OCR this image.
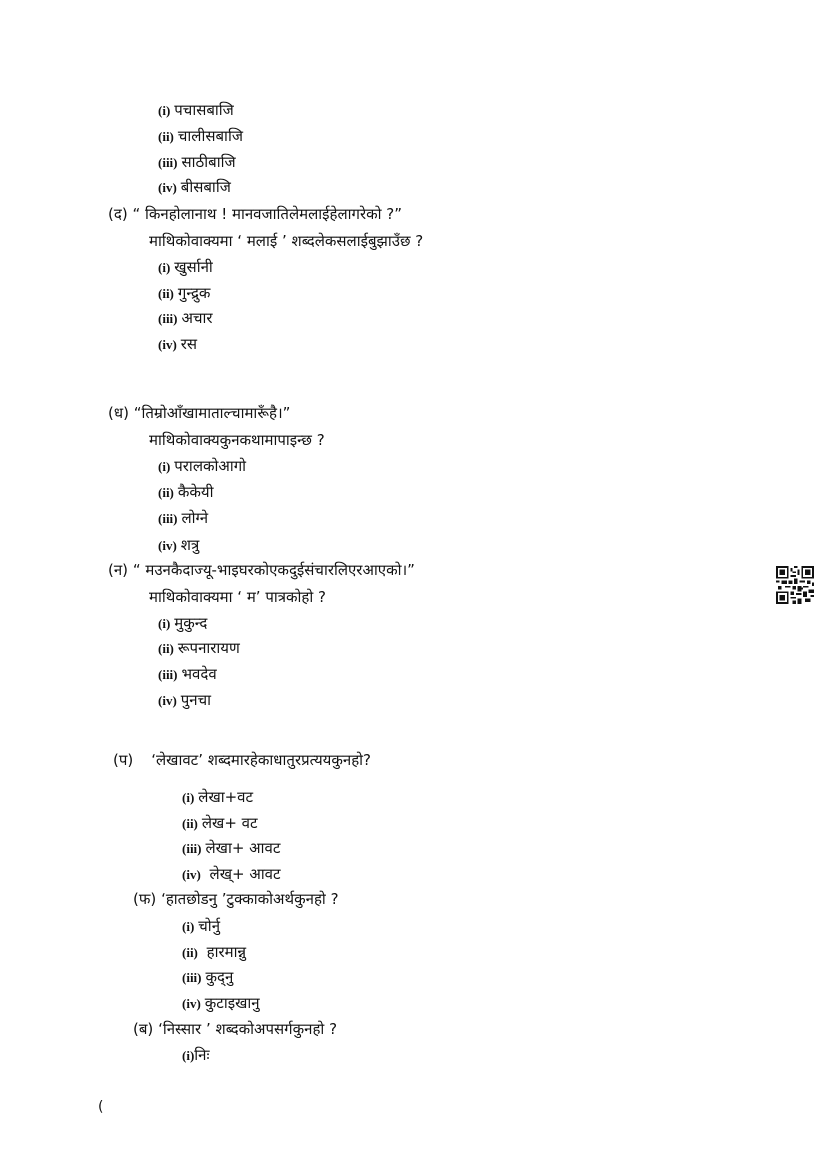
(i) पचासबाजि
(ii) चालीसबाजि
(iii) साठीबाजि
(iv) बीसबाजि
(द) “ किनहोलानाथ ! मानवजातिलेमलाईहेलागरेको ?”
माथिकोवाक्यमा ‘ मलाई ’ शब्दलेकसलाईबुझाउँछ ?
(i) खुर्सानी
(ii) गुन्द्रुक
(iii) अचार
(iv) रस
(ध) “तिम्रोआँखामाताल्चामारूँहै।”
माथिकोवाक्यकुनकथामापाइन्छ ?
(i) परालकोआगो
(ii) कैकेयी
(iii) लोग्ने
(iv) शत्रु
(न) “ मउनकैदाज्यू-भाइघरकोएकदुईसंचारलिएरआएको।”
माथिकोवाक्यमा ‘ म’ पात्रकोहो ?
(i) मुकुन्द
(ii) रूपनारायण
(iii) भवदेव
(iv) पुनचा
(प) ‘लेखावट’ शब्दमारहेकाधातुरप्रत्ययकुनहो?
(i) लेखा+वट
(ii) लेख+ वट
(iii) लेखा+ आवट
(iv) लेख्+ आवट
(फ) ‘हातछोडनु ’टुक्काकोअर्थकुनहो ?
(i) चोर्नु
(ii) हारमान्नु
(iii) कुद्नु
(iv) कुटाइखानु
(ब) ‘निस्सार ’ शब्दकोअपसर्गकुनहो ?
(i)निः
(
